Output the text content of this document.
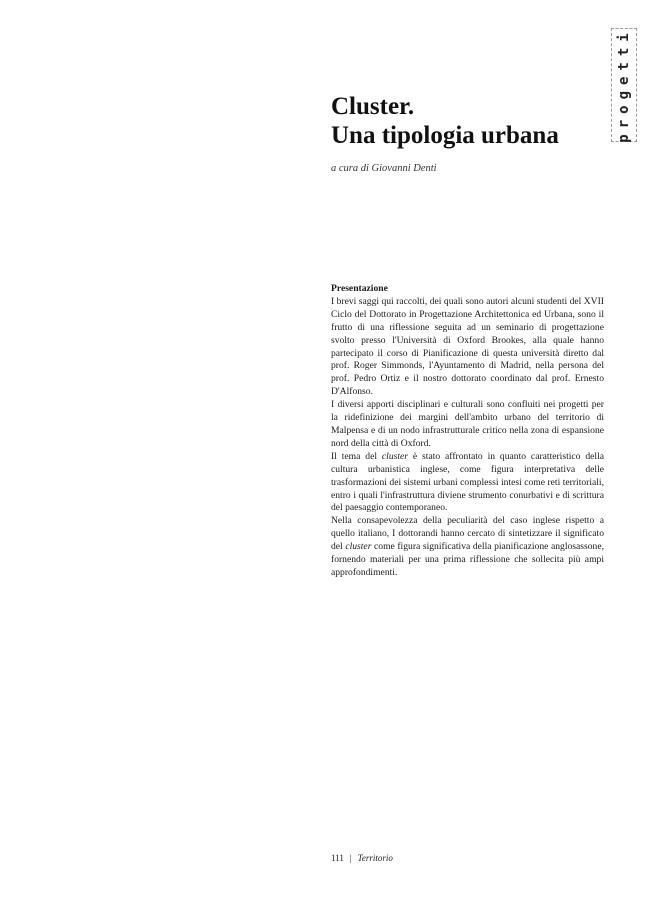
progetti
Cluster.
Una tipologia urbana
a cura di Giovanni Denti
Presentazione

I brevi saggi qui raccolti, dei quali sono autori alcuni studenti del XVII Ciclo del Dottorato in Progettazione Architettonica ed Urbana, sono il frutto di una riflessione seguita ad un seminario di progettazione svolto presso l'Università di Oxford Brookes, alla quale hanno partecipato il corso di Pianificazione di questa università diretto dal prof. Roger Simmonds, l'Ayuntamento di Madrid, nella persona del prof. Pedro Ortiz e il nostro dottorato coordinato dal prof. Ernesto D'Alfonso.

I diversi apporti disciplinari e culturali sono confluiti nei progetti per la ridefinizione dei margini dell'ambito urbano del territorio di Malpensa e di un nodo infrastrutturale critico nella zona di espansione nord della città di Oxford.

Il tema del cluster è stato affrontato in quanto caratteristico della cultura urbanistica inglese, come figura interpretativa delle trasformazioni dei sistemi urbani complessi intesi come reti territoriali, entro i quali l'infrastruttura diviene strumento conurbativi e di scrittura del paesaggio contemporaneo.

Nella consapevolezza della peculiarità del caso inglese rispetto a quello italiano, I dottorandi hanno cercato di sintetizzare il significato del cluster come figura significativa della pianificazione anglosassone, fornendo materiali per una prima riflessione che sollecita più ampi approfondimenti.

111 | Territorio
